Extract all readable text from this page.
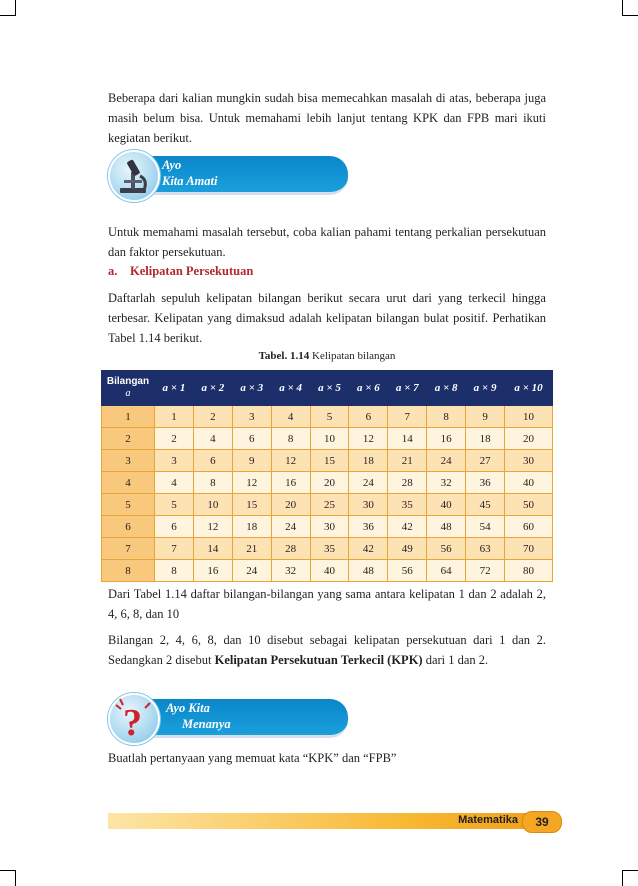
Beberapa dari kalian mungkin sudah bisa memecahkan masalah di atas, beberapa juga masih belum bisa. Untuk memahami lebih lanjut tentang KPK dan FPB mari ikuti kegiatan berikut.

Ayo
Kita Amati

Untuk memahami masalah tersebut, coba kalian pahami tentang perkalian persekutuan dan faktor persekutuan.

a. Kelipatan Persekutuan

Daftarlah sepuluh kelipatan bilangan berikut secara urut dari yang terkecil hingga terbesar. Kelipatan yang dimaksud adalah kelipatan bilangan bulat positif. Perhatikan Tabel 1.14 berikut.

Tabel. 1.14 Kelipatan bilangan

Bilangan
a	a × 1	a × 2	a × 3	a × 4	a × 5	a × 6	a × 7	a × 8	a × 9	a × 10
1	1	2	3	4	5	6	7	8	9	10
2	2	4	6	8	10	12	14	16	18	20
3	3	6	9	12	15	18	21	24	27	30
4	4	8	12	16	20	24	28	32	36	40
5	5	10	15	20	25	30	35	40	45	50
6	6	12	18	24	30	36	42	48	54	60
7	7	14	21	28	35	42	49	56	63	70
8	8	16	24	32	40	48	56	64	72	80

Dari Tabel 1.14 daftar bilangan-bilangan yang sama antara kelipatan 1 dan 2 adalah 2, 4, 6, 8, dan 10

Bilangan 2, 4, 6, 8, dan 10 disebut sebagai kelipatan persekutuan dari 1 dan 2. Sedangkan 2 disebut Kelipatan Persekutuan Terkecil (KPK) dari 1 dan 2.

Ayo Kita
Menanya
?

Buatlah pertanyaan yang memuat kata “KPK” dan “FPB”

Matematika	39
